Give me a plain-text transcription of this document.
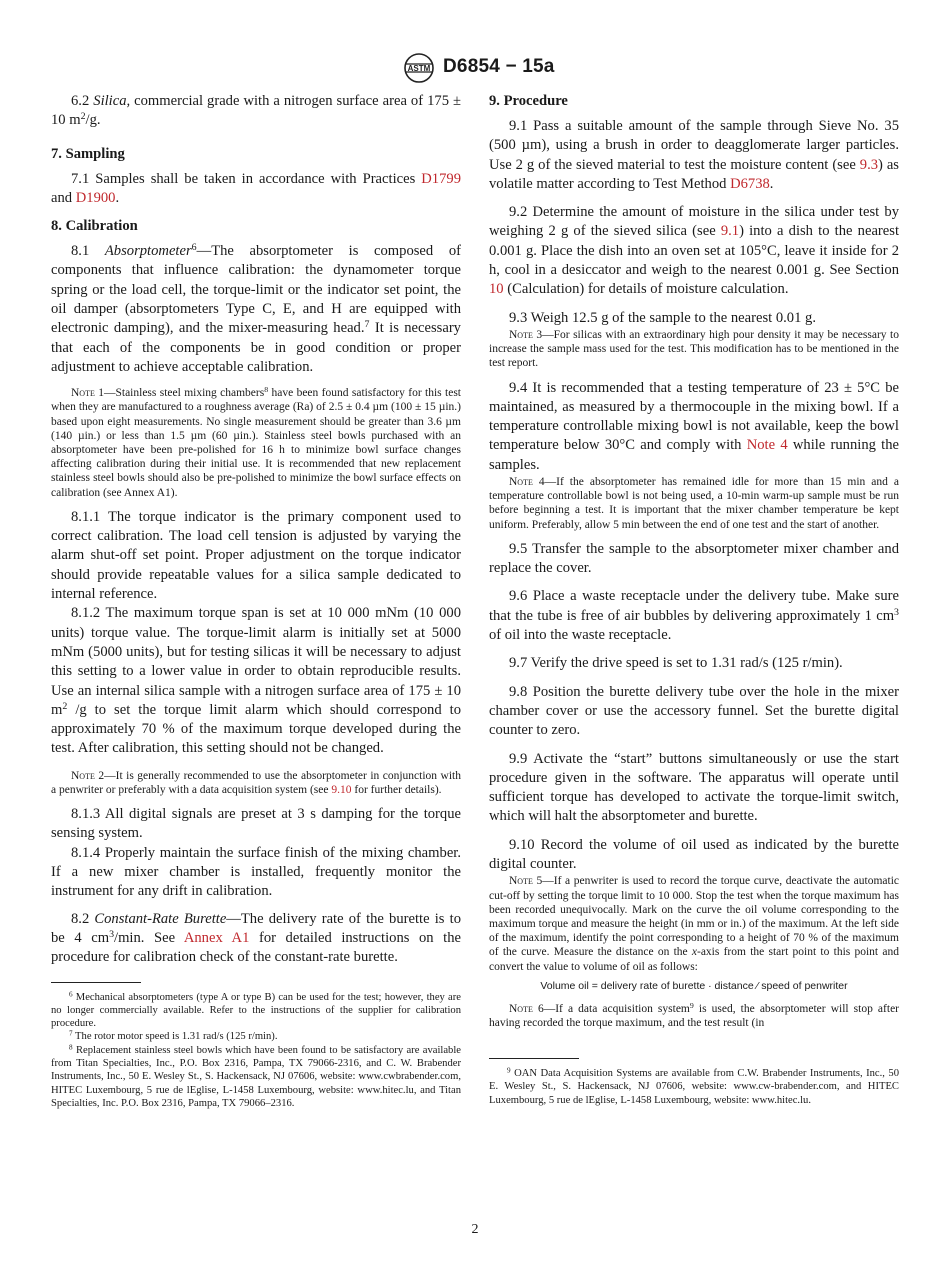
ASTM D6854 − 15a

6.2 Silica, commercial grade with a nitrogen surface area of 175 ± 10 $m^2/g$.

7. Sampling

7.1 Samples shall be taken in accordance with Practices D1799 and D1900.

8. Calibration

8.1 Absorptometer$^6$—The absorptometer is composed of components that influence calibration: the dynamometer torque spring or the load cell, the torque-limit or the indicator set point, the oil damper (absorptometers Type C, E, and H are equipped with electronic damping), and the mixer-measuring head.$^7$ It is necessary that each of the components be in good condition or proper adjustment to achieve acceptable calibration.

Note 1—Stainless steel mixing chambers$^8$ have been found satisfactory for this test when they are manufactured to a roughness average (Ra) of 2.5 ± 0.4 µm (100 ± 15 µin.) based upon eight measurements. No single measurement should be greater than 3.6 µm (140 µin.) or less than 1.5 µm (60 µin.). Stainless steel bowls purchased with an absorptometer have been pre-polished for 16 h to minimize bowl surface changes affecting calibration during their initial use. It is recommended that new replacement stainless steel bowls should also be pre-polished to minimize the bowl surface effects on calibration (see Annex A1).

8.1.1 The torque indicator is the primary component used to correct calibration. The load cell tension is adjusted by varying the alarm shut-off set point. Proper adjustment on the torque indicator should provide repeatable values for a silica sample dedicated to internal reference.

8.1.2 The maximum torque span is set at 10 000 mNm (10 000 units) torque value. The torque-limit alarm is initially set at 5000 mNm (5000 units), but for testing silicas it will be necessary to adjust this setting to a lower value in order to obtain reproducible results. Use an internal silica sample with a nitrogen surface area of 175 ± 10 $m^2$ /g to set the torque limit alarm which should correspond to approximately 70 % of the maximum torque developed during the test. After calibration, this setting should not be changed.

Note 2—It is generally recommended to use the absorptometer in conjunction with a penwriter or preferably with a data acquisition system (see 9.10 for further details).

8.1.3 All digital signals are preset at 3 s damping for the torque sensing system.

8.1.4 Properly maintain the surface finish of the mixing chamber. If a new mixer chamber is installed, frequently monitor the instrument for any drift in calibration.

8.2 Constant-Rate Burette—The delivery rate of the burette is to be 4 $cm^3/\min$. See Annex A1 for detailed instructions on the procedure for calibration check of the constant-rate burette.

$^6$ Mechanical absorptometers (type A or type B) can be used for the test; however, they are no longer commercially available. Refer to the instructions of the supplier for calibration procedure.

$^7$ The rotor motor speed is 1.31 rad/s (125 r/min).

$^8$ Replacement stainless steel bowls which have been found to be satisfactory are available from Titan Specialties, Inc., P.O. Box 2316, Pampa, TX 79066-2316, and C. W. Brabender Instruments, Inc., 50 E. Wesley St., S. Hackensack, NJ 07606, website: www.cwbrabender.com, HITEC Luxembourg, 5 rue de lEglise, L-1458 Luxembourg, website: www.hitec.lu, and Titan Specialties, Inc. P.O. Box 2316, Pampa, TX 79066–2316.

9. Procedure

9.1 Pass a suitable amount of the sample through Sieve No. 35 (500 µm), using a brush in order to deagglomerate larger particles. Use 2 g of the sieved material to test the moisture content (see 9.3) as volatile matter according to Test Method D6738.

9.2 Determine the amount of moisture in the silica under test by weighing 2 g of the sieved silica (see 9.1) into a dish to the nearest 0.001 g. Place the dish into an oven set at 105°C, leave it inside for 2 h, cool in a desiccator and weigh to the nearest 0.001 g. See Section 10 (Calculation) for details of moisture calculation.

9.3 Weigh 12.5 g of the sample to the nearest 0.01 g.

Note 3—For silicas with an extraordinary high pour density it may be necessary to increase the sample mass used for the test. This modification has to be mentioned in the test report.

9.4 It is recommended that a testing temperature of 23 ± 5°C be maintained, as measured by a thermocouple in the mixing bowl. If a temperature controllable mixing bowl is not available, keep the bowl temperature below 30°C and comply with Note 4 while running the samples.

Note 4—If the absorptometer has remained idle for more than 15 min and a temperature controllable bowl is not being used, a 10-min warm-up sample must be run before beginning a test. It is important that the mixer chamber temperature be kept uniform. Preferably, allow 5 min between the end of one test and the start of another.

9.5 Transfer the sample to the absorptometer mixer chamber and replace the cover.

9.6 Place a waste receptacle under the delivery tube. Make sure that the tube is free of air bubbles by delivering approximately 1 $cm^3$ of oil into the waste receptacle.

9.7 Verify the drive speed is set to 1.31 rad/s (125 r/min).

9.8 Position the burette delivery tube over the hole in the mixer chamber cover or use the accessory funnel. Set the burette digital counter to zero.

9.9 Activate the “start” buttons simultaneously or use the start procedure given in the software. The apparatus will operate until sufficient torque has developed to activate the torque-limit switch, which will halt the absorptometer and burette.

9.10 Record the volume of oil used as indicated by the burette digital counter.

Note 5—If a penwriter is used to record the torque curve, deactivate the automatic cut-off by setting the torque limit to 10 000. Stop the test when the torque maximum has been recorded unequivocally. Mark on the curve the oil volume corresponding to the maximum torque and measure the height (in mm or in.) of the maximum. At the left side of the maximum, identify the point corresponding to a height of 70 % of the maximum of the curve. Measure the distance on the x-axis from the start point to this point and convert the value to volume of oil as follows:

Volume oil = delivery rate of burette · distance ⁄ speed of penwriter

Note 6—If a data acquisition system$^9$ is used, the absorptometer will stop after having recorded the torque maximum, and the test result (in

$^9$ OAN Data Acquisition Systems are available from C.W. Brabender Instruments, Inc., 50 E. Wesley St., S. Hackensack, NJ 07606, website: www.cw-brabender.com, and HITEC Luxembourg, 5 rue de lEglise, L-1458 Luxembourg, website: www.hitec.lu.

2
